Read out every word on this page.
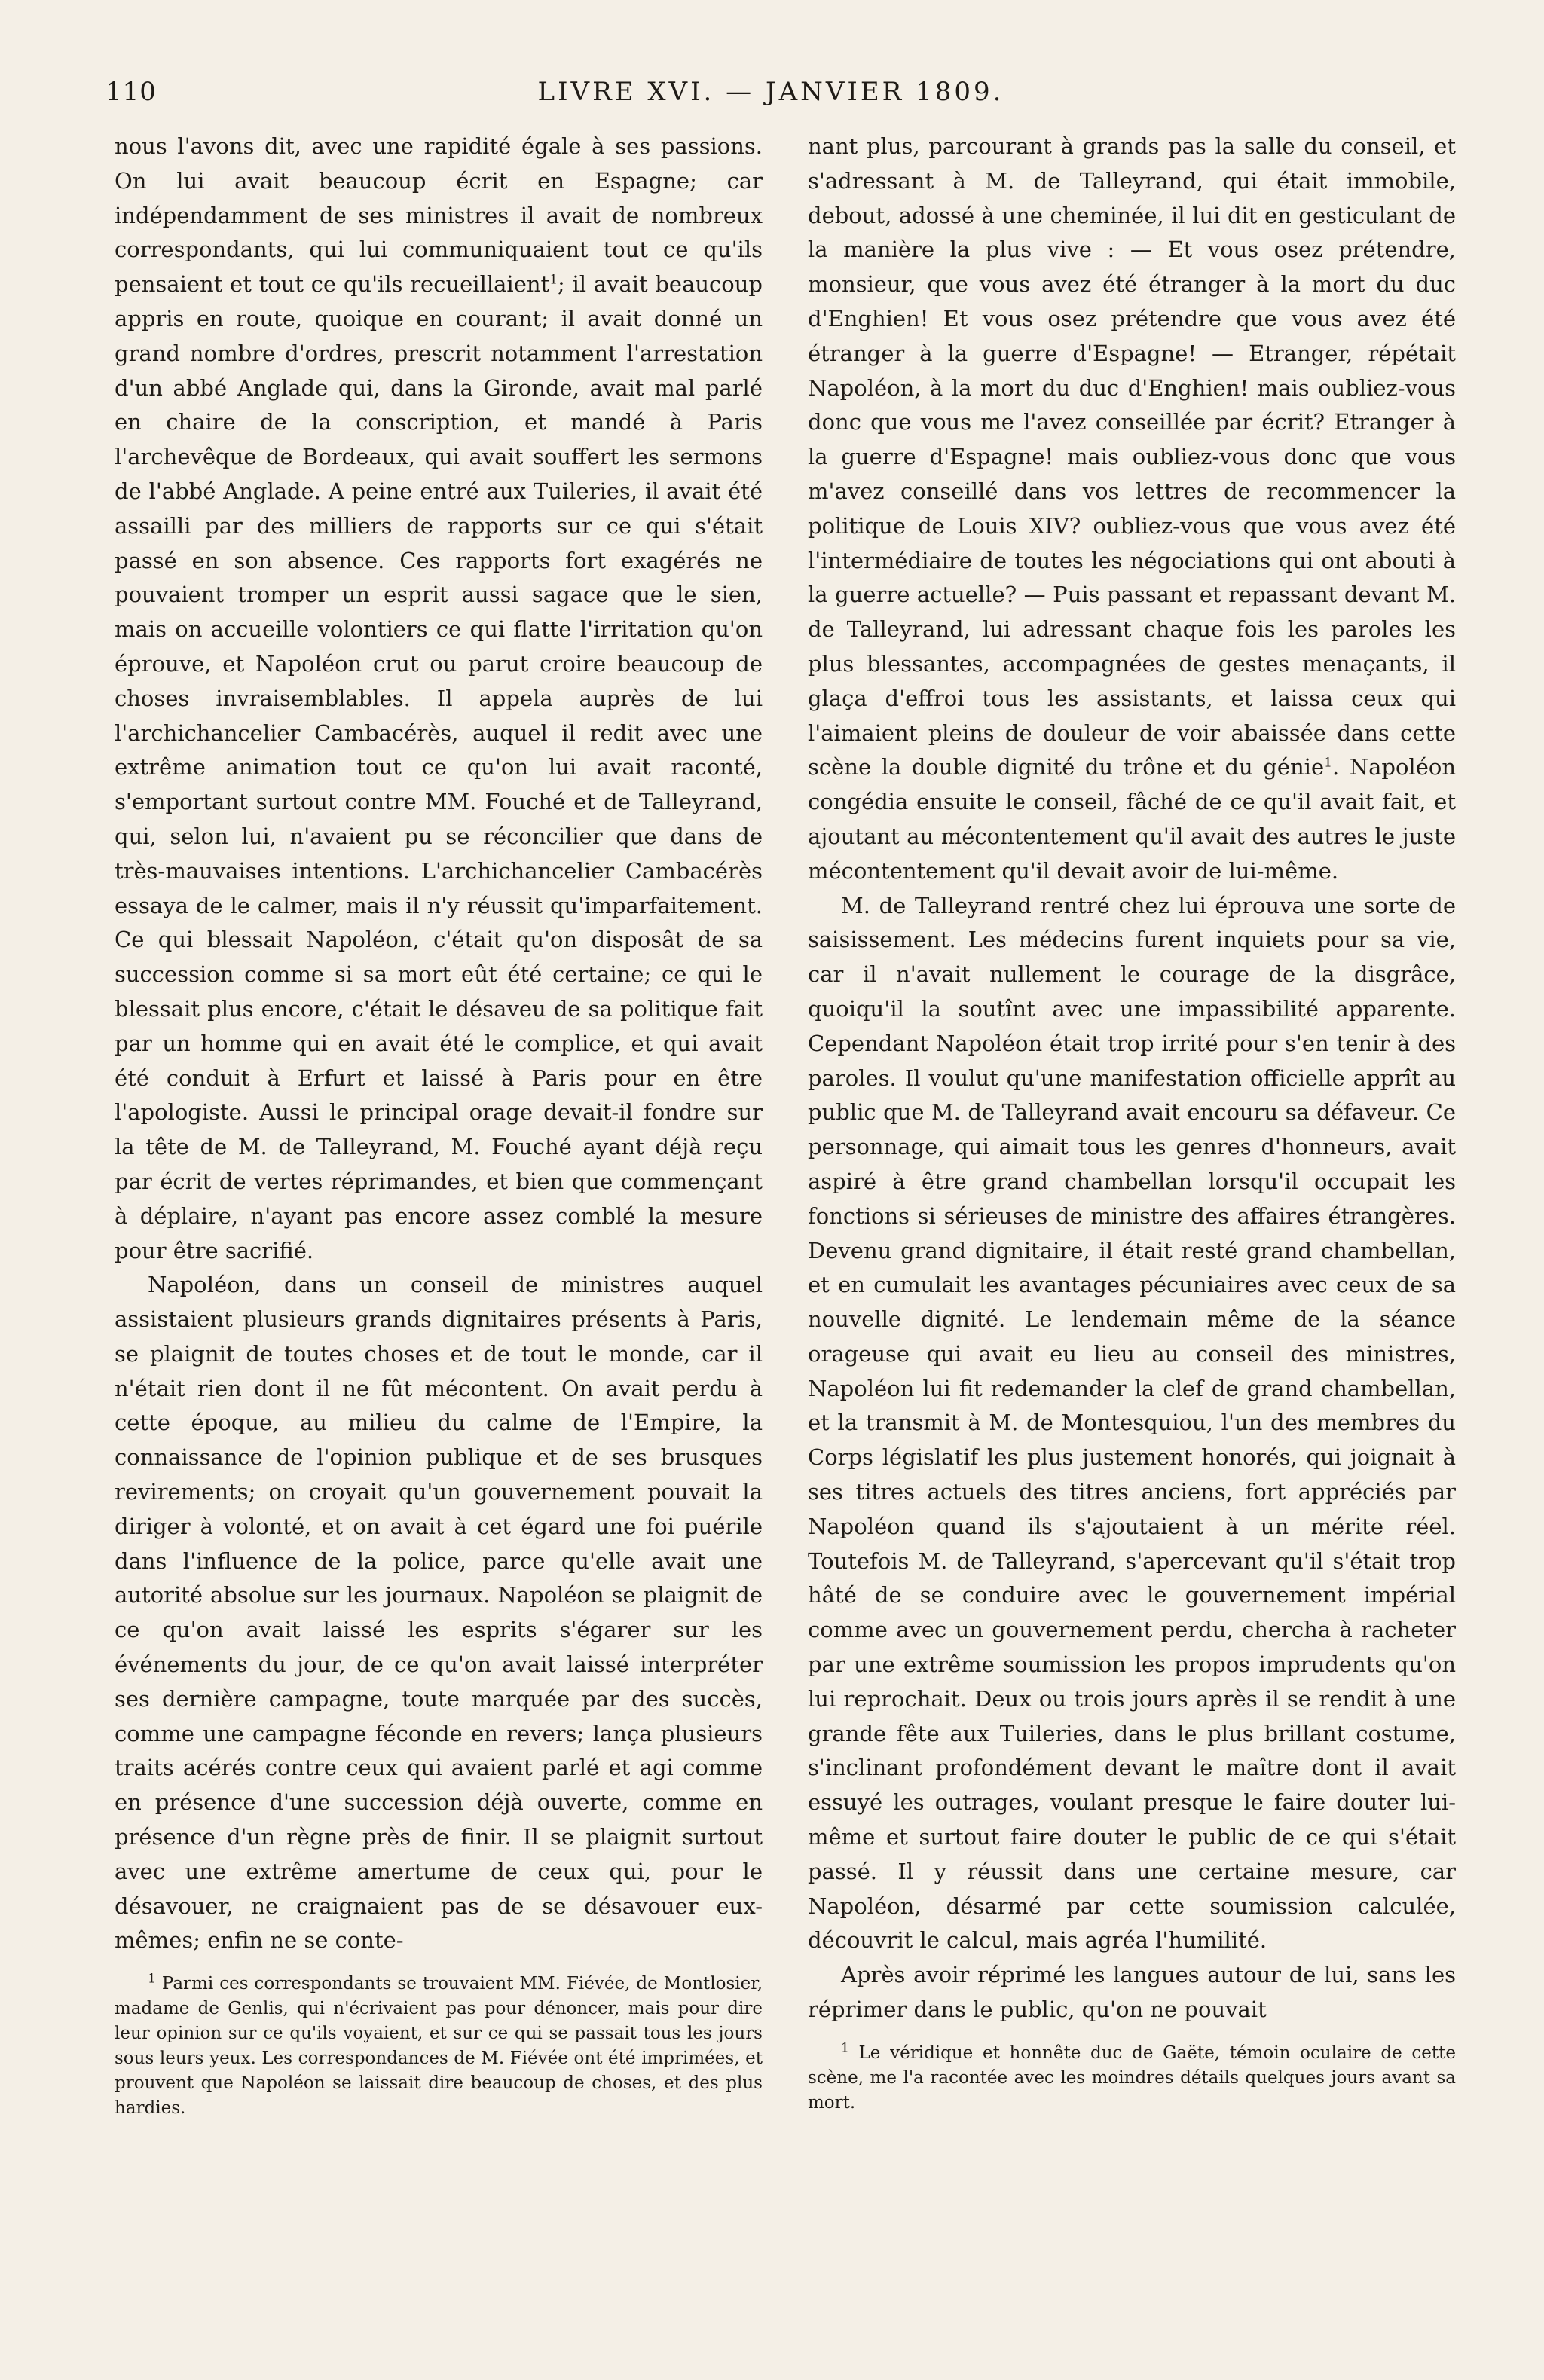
110	LIVRE XVI. — JANVIER 1809.

nous l'avons dit, avec une rapidité égale à ses passions. On lui avait beaucoup écrit en Espagne; car indépendamment de ses ministres il avait de nombreux correspondants, qui lui communiquaient tout ce qu'ils pensaient et tout ce qu'ils recueillaient$^1$; il avait beaucoup appris en route, quoique en courant; il avait donné un grand nombre d'ordres, prescrit notamment l'arrestation d'un abbé Anglade qui, dans la Gironde, avait mal parlé en chaire de la conscription, et mandé à Paris l'archevêque de Bordeaux, qui avait souffert les sermons de l'abbé Anglade. A peine entré aux Tuileries, il avait été assailli par des milliers de rapports sur ce qui s'était passé en son absence. Ces rapports fort exagérés ne pouvaient tromper un esprit aussi sagace que le sien, mais on accueille volontiers ce qui flatte l'irritation qu'on éprouve, et Napoléon crut ou parut croire beaucoup de choses invraisemblables. Il appela auprès de lui l'archichancelier Cambacérès, auquel il redit avec une extrême animation tout ce qu'on lui avait raconté, s'emportant surtout contre MM. Fouché et de Talleyrand, qui, selon lui, n'avaient pu se réconcilier que dans de très-mauvaises intentions. L'archichancelier Cambacérès essaya de le calmer, mais il n'y réussit qu'imparfaitement. Ce qui blessait Napoléon, c'était qu'on disposât de sa succession comme si sa mort eût été certaine; ce qui le blessait plus encore, c'était le désaveu de sa politique fait par un homme qui en avait été le complice, et qui avait été conduit à Erfurt et laissé à Paris pour en être l'apologiste. Aussi le principal orage devait-il fondre sur la tête de M. de Talleyrand, M. Fouché ayant déjà reçu par écrit de vertes réprimandes, et bien que commençant à déplaire, n'ayant pas encore assez comblé la mesure pour être sacrifié.

Napoléon, dans un conseil de ministres auquel assistaient plusieurs grands dignitaires présents à Paris, se plaignit de toutes choses et de tout le monde, car il n'était rien dont il ne fût mécontent. On avait perdu à cette époque, au milieu du calme de l'Empire, la connaissance de l'opinion publique et de ses brusques revirements; on croyait qu'un gouvernement pouvait la diriger à volonté, et on avait à cet égard une foi puérile dans l'influence de la police, parce qu'elle avait une autorité absolue sur les journaux. Napoléon se plaignit de ce qu'on avait laissé les esprits s'égarer sur les événements du jour, de ce qu'on avait laissé interpréter ses dernière campagne, toute marquée par des succès, comme une campagne féconde en revers; lança plusieurs traits acérés contre ceux qui avaient parlé et agi comme en présence d'une succession déjà ouverte, comme en présence d'un règne près de finir. Il se plaignit surtout avec une extrême amertume de ceux qui, pour le désavouer, ne craignaient pas de se désavouer eux-mêmes; enfin ne se conte-

$^1$ Parmi ces correspondants se trouvaient MM. Fiévée, de Montlosier, madame de Genlis, qui n'écrivaient pas pour dénoncer, mais pour dire leur opinion sur ce qu'ils voyaient, et sur ce qui se passait tous les jours sous leurs yeux. Les correspondances de M. Fiévée ont été imprimées, et prouvent que Napoléon se laissait dire beaucoup de choses, et des plus hardies.

nant plus, parcourant à grands pas la salle du conseil, et s'adressant à M. de Talleyrand, qui était immobile, debout, adossé à une cheminée, il lui dit en gesticulant de la manière la plus vive : — Et vous osez prétendre, monsieur, que vous avez été étranger à la mort du duc d'Enghien! Et vous osez prétendre que vous avez été étranger à la guerre d'Espagne! — Etranger, répétait Napoléon, à la mort du duc d'Enghien! mais oubliez-vous donc que vous me l'avez conseillée par écrit? Etranger à la guerre d'Espagne! mais oubliez-vous donc que vous m'avez conseillé dans vos lettres de recommencer la politique de Louis XIV? oubliez-vous que vous avez été l'intermédiaire de toutes les négociations qui ont abouti à la guerre actuelle? — Puis passant et repassant devant M. de Talleyrand, lui adressant chaque fois les paroles les plus blessantes, accompagnées de gestes menaçants, il glaça d'effroi tous les assistants, et laissa ceux qui l'aimaient pleins de douleur de voir abaissée dans cette scène la double dignité du trône et du génie$^1$. Napoléon congédia ensuite le conseil, fâché de ce qu'il avait fait, et ajoutant au mécontentement qu'il avait des autres le juste mécontentement qu'il devait avoir de lui-même.

M. de Talleyrand rentré chez lui éprouva une sorte de saisissement. Les médecins furent inquiets pour sa vie, car il n'avait nullement le courage de la disgrâce, quoiqu'il la soutînt avec une impassibilité apparente. Cependant Napoléon était trop irrité pour s'en tenir à des paroles. Il voulut qu'une manifestation officielle apprît au public que M. de Talleyrand avait encouru sa défaveur. Ce personnage, qui aimait tous les genres d'honneurs, avait aspiré à être grand chambellan lorsqu'il occupait les fonctions si sérieuses de ministre des affaires étrangères. Devenu grand dignitaire, il était resté grand chambellan, et en cumulait les avantages pécuniaires avec ceux de sa nouvelle dignité. Le lendemain même de la séance orageuse qui avait eu lieu au conseil des ministres, Napoléon lui fit redemander la clef de grand chambellan, et la transmit à M. de Montesquiou, l'un des membres du Corps législatif les plus justement honorés, qui joignait à ses titres actuels des titres anciens, fort appréciés par Napoléon quand ils s'ajoutaient à un mérite réel. Toutefois M. de Talleyrand, s'apercevant qu'il s'était trop hâté de se conduire avec le gouvernement impérial comme avec un gouvernement perdu, chercha à racheter par une extrême soumission les propos imprudents qu'on lui reprochait. Deux ou trois jours après il se rendit à une grande fête aux Tuileries, dans le plus brillant costume, s'inclinant profondément devant le maître dont il avait essuyé les outrages, voulant presque le faire douter lui-même et surtout faire douter le public de ce qui s'était passé. Il y réussit dans une certaine mesure, car Napoléon, désarmé par cette soumission calculée, découvrit le calcul, mais agréa l'humilité.

Après avoir réprimé les langues autour de lui, sans les réprimer dans le public, qu'on ne pouvait

$^1$ Le véridique et honnête duc de Gaëte, témoin oculaire de cette scène, me l'a racontée avec les moindres détails quelques jours avant sa mort.
